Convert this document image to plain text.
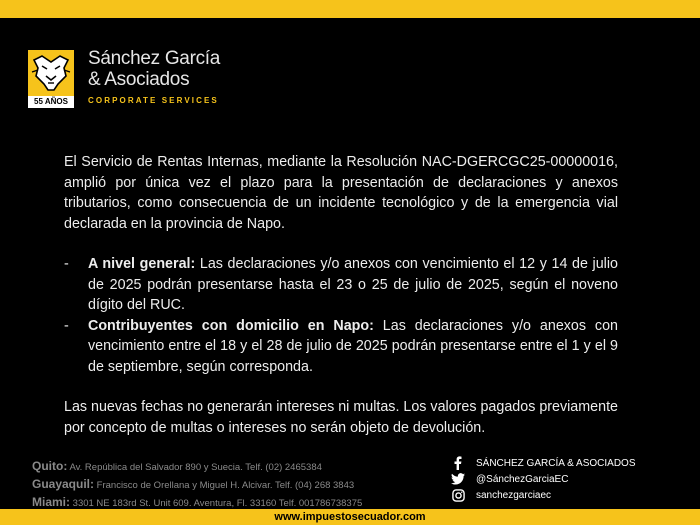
55 AÑOS
Sánchez García
& Asociados
CORPORATE SERVICES

El Servicio de Rentas Internas, mediante la Resolución NAC-DGERCGC25-00000016, amplió por única vez el plazo para la presentación de declaraciones y anexos tributarios, como consecuencia de un incidente tecnológico y de la emergencia vial declarada en la provincia de Napo.

- A nivel general: Las declaraciones y/o anexos con vencimiento el 12 y 14 de julio de 2025 podrán presentarse hasta el 23 o 25 de julio de 2025, según el noveno dígito del RUC.
- Contribuyentes con domicilio en Napo: Las declaraciones y/o anexos con vencimiento entre el 18 y el 28 de julio de 2025 podrán presentarse entre el 1 y el 9 de septiembre, según corresponda.

Las nuevas fechas no generarán intereses ni multas. Los valores pagados previamente por concepto de multas o intereses no serán objeto de devolución.

Quito: Av. República del Salvador 890 y Suecia. Telf. (02) 2465384
Guayaquil: Francisco de Orellana y Miguel H. Alcivar. Telf. (04) 268 3843
Miami: 3301 NE 183rd St. Unit 609. Aventura, Fl. 33160 Telf. 001786738375
SÁNCHEZ GARCÍA & ASOCIADOS
@SánchezGarciaEC
sanchezgarciaec
www.impuestosecuador.com
